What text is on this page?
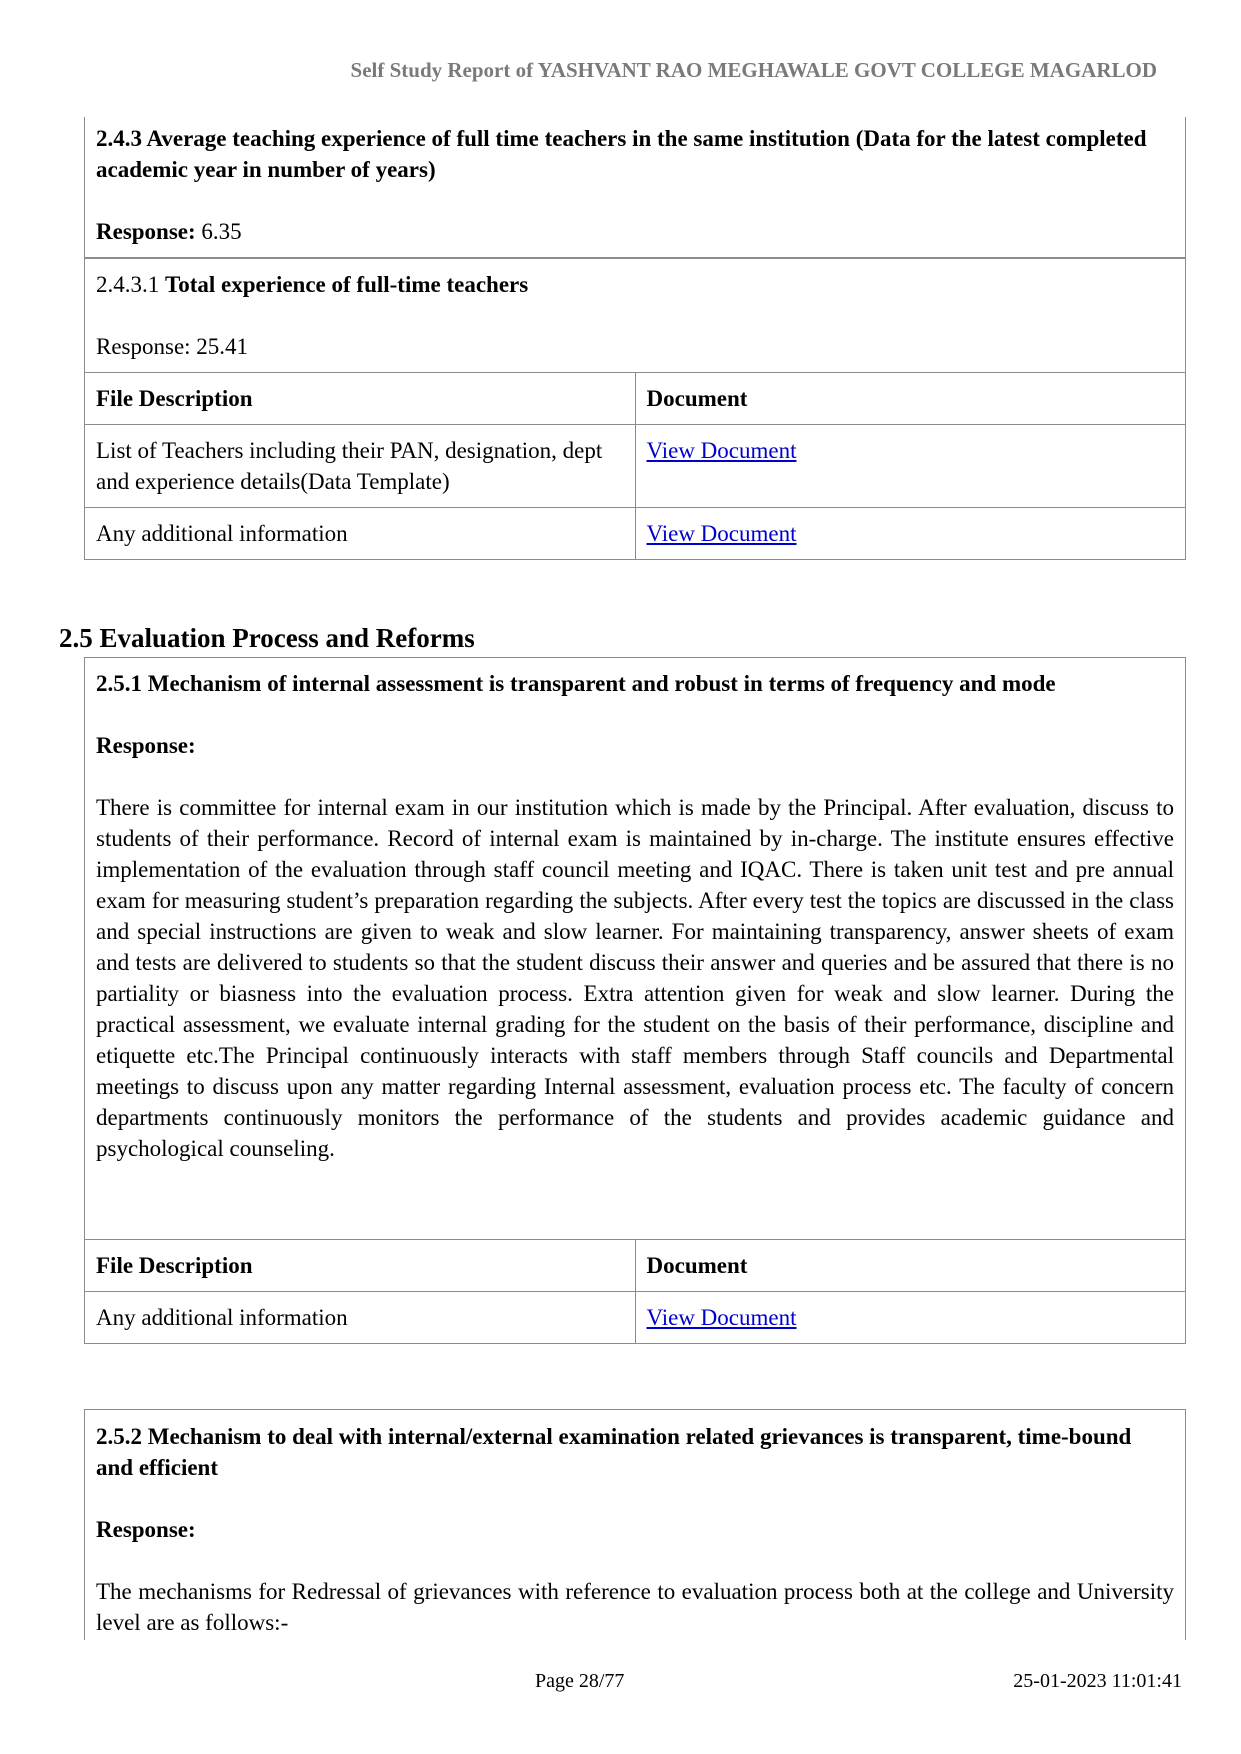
Self Study Report of YASHVANT RAO MEGHAWALE GOVT COLLEGE MAGARLOD
2.4.3 Average teaching experience of full time teachers in the same institution (Data for the latest completed academic year in number of years)
Response: 6.35
2.4.3.1 Total experience of full-time teachers
Response: 25.41
File Description	Document
List of Teachers including their PAN, designation, dept and experience details(Data Template)	View Document
Any additional information	View Document
2.5 Evaluation Process and Reforms
2.5.1 Mechanism of internal assessment is transparent and robust in terms of frequency and mode
Response:

There is committee for internal exam in our institution which is made by the Principal. After evaluation, discuss to students of their performance. Record of internal exam is maintained by in-charge. The institute ensures effective implementation of the evaluation through staff council meeting and IQAC. There is taken unit test and pre annual exam for measuring student’s preparation regarding the subjects. After every test the topics are discussed in the class and special instructions are given to weak and slow learner. For maintaining transparency, answer sheets of exam and tests are delivered to students so that the student discuss their answer and queries and be assured that there is no partiality or biasness into the evaluation process. Extra attention given for weak and slow learner. During the practical assessment, we evaluate internal grading for the student on the basis of their performance, discipline and etiquette etc.The Principal continuously interacts with staff members through Staff councils and Departmental meetings to discuss upon any matter regarding Internal assessment, evaluation process etc. The faculty of concern departments continuously monitors the performance of the students and provides academic guidance and psychological counseling.

File Description	Document
Any additional information	View Document
2.5.2 Mechanism to deal with internal/external examination related grievances is transparent, time-bound and efficient
Response:

The mechanisms for Redressal of grievances with reference to evaluation process both at the college and University level are as follows:-

Page 28/77	25-01-2023 11:01:41
